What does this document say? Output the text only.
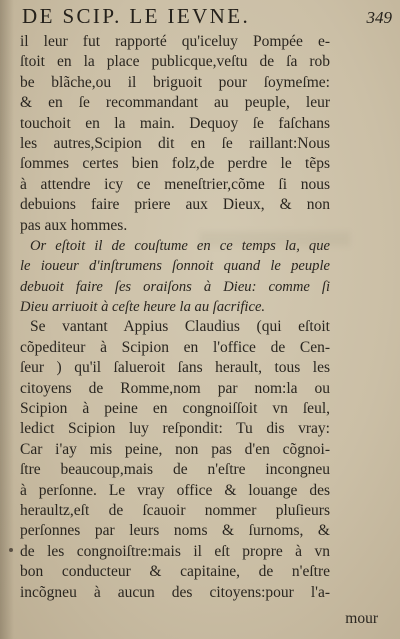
DE SCIP. LE IEVNE.	349
il leur fut rapporté qu'iceluy Pompée e-
ſtoit en la place publicque,veſtu de ſa rob
be blãche,ou il briguoit pour ſoymeſme:
& en ſe recommandant au peuple, leur
touchoit en la main. Dequoy ſe faſchans
les autres,Scipion dit en ſe raillant:Nous
ſommes certes bien folz,de perdre le tẽps
à attendre icy ce meneſtrier,cõme ſi nous
debuions faire priere aux Dieux, & non
pas aux hommes.
Or eſtoit il de couſtume en ce temps la, que
le ioueur d'inſtrumens ſonnoit quand le peuple
debuoit faire ſes oraiſons à Dieu: comme ſi
Dieu arriuoit à ceſte heure la au ſacrifice.
Se vantant Appius Claudius (qui eſtoit
cõpediteur à Scipion en l'office de Cen-
ſeur ) qu'il ſalueroit ſans herault, tous les
citoyens de Romme,nom par nom:la ou
Scipion à peine en congnoiſſoit vn ſeul,
ledict Scipion luy reſpondit: Tu dis vray:
Car i'ay mis peine, non pas d'en cõgnoi-
ſtre beaucoup,mais de n'eſtre incongneu
à perſonne. Le vray office & louange des
heraultz,eſt de ſcauoir nommer pluſieurs
perſonnes par leurs noms & ſurnoms, &
de les congnoiſtre:mais il eſt propre à vn
bon conducteur & capitaine, de n'eſtre
incõgneu à aucun des citoyens:pour l'a-
mour
